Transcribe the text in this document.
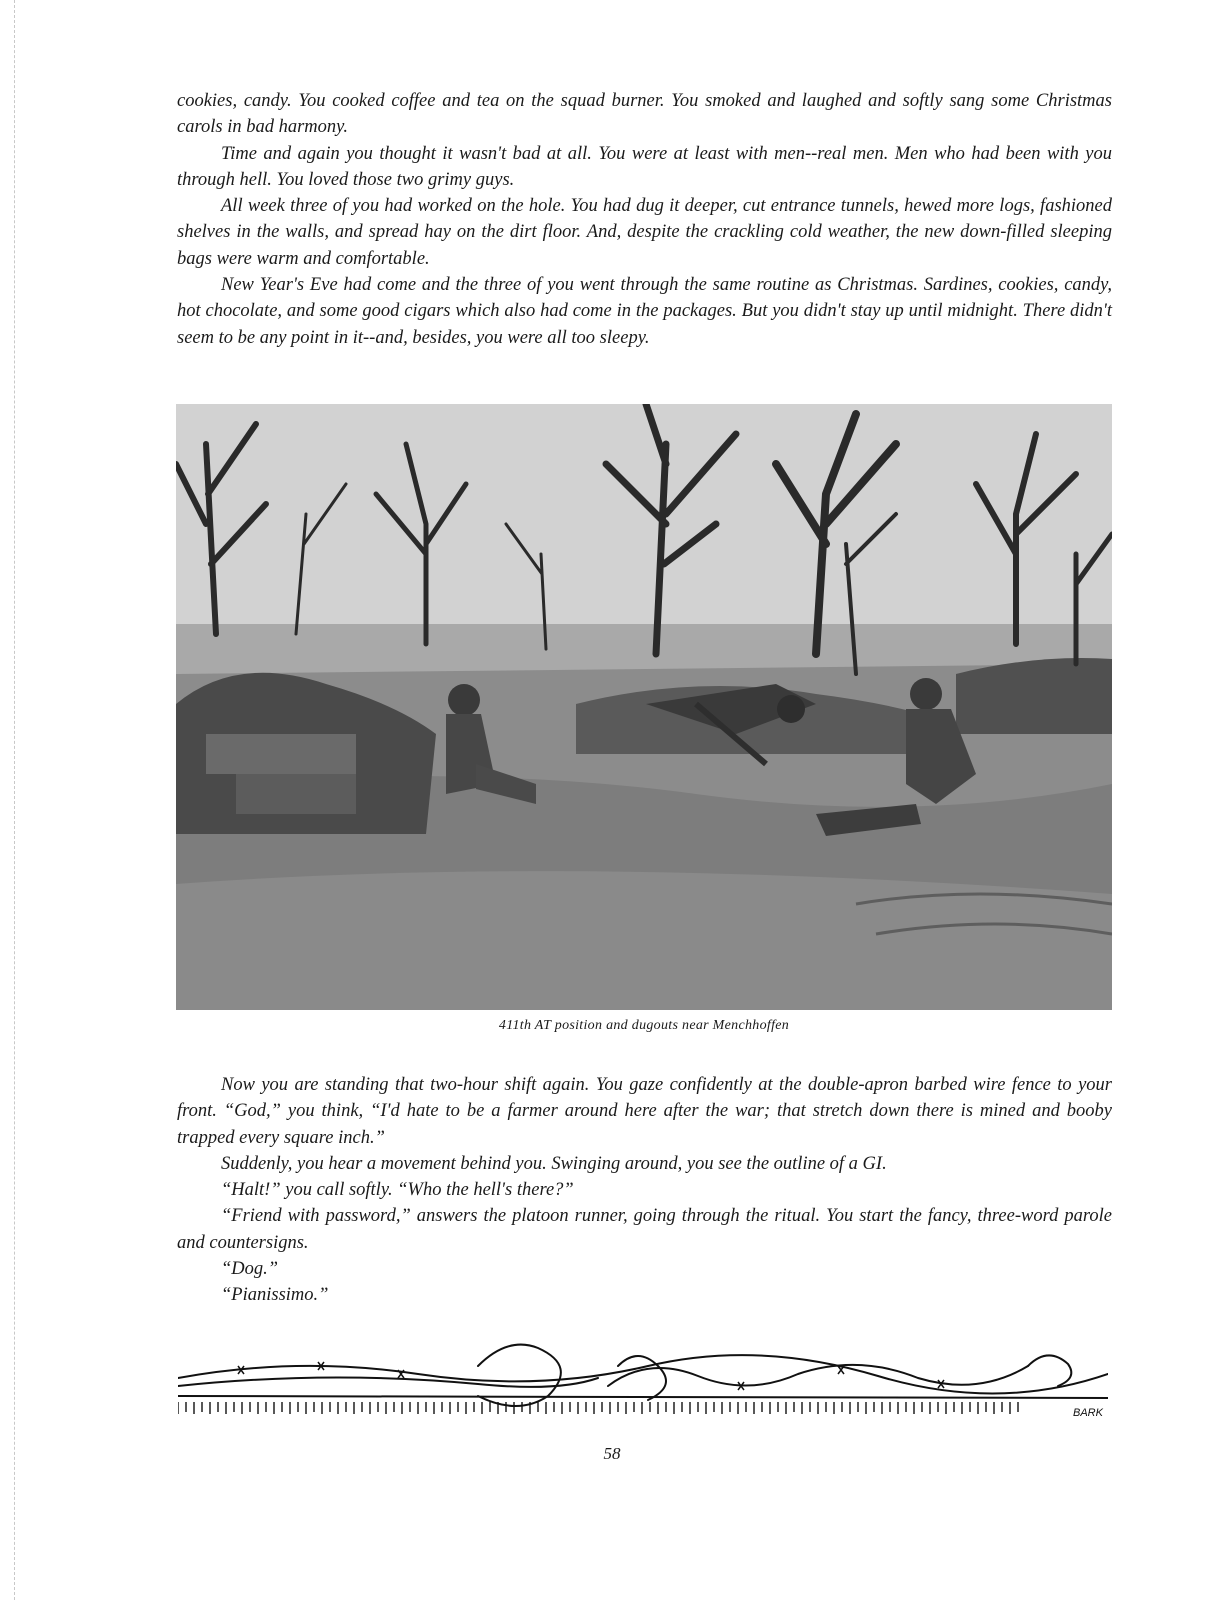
cookies, candy. You cooked coffee and tea on the squad burner. You smoked and laughed and softly sang some Christmas carols in bad harmony.

Time and again you thought it wasn't bad at all. You were at least with men--real men. Men who had been with you through hell. You loved those two grimy guys.

All week three of you had worked on the hole. You had dug it deeper, cut entrance tunnels, hewed more logs, fashioned shelves in the walls, and spread hay on the dirt floor. And, despite the crackling cold weather, the new down-filled sleeping bags were warm and comfortable.

New Year's Eve had come and the three of you went through the same routine as Christmas. Sardines, cookies, candy, hot chocolate, and some good cigars which also had come in the packages. But you didn't stay up until midnight. There didn't seem to be any point in it--and, besides, you were all too sleepy.

411th AT position and dugouts near Menchhoffen

Now you are standing that two-hour shift again. You gaze confidently at the double-apron barbed wire fence to your front. “God,” you think, “I'd hate to be a farmer around here after the war; that stretch down there is mined and booby trapped every square inch.”

Suddenly, you hear a movement behind you. Swinging around, you see the outline of a GI.

“Halt!” you call softly. “Who the hell's there?”

“Friend with password,” answers the platoon runner, going through the ritual. You start the fancy, three-word parole and countersigns.

“Dog.”

“Pianissimo.”

BARK
58
